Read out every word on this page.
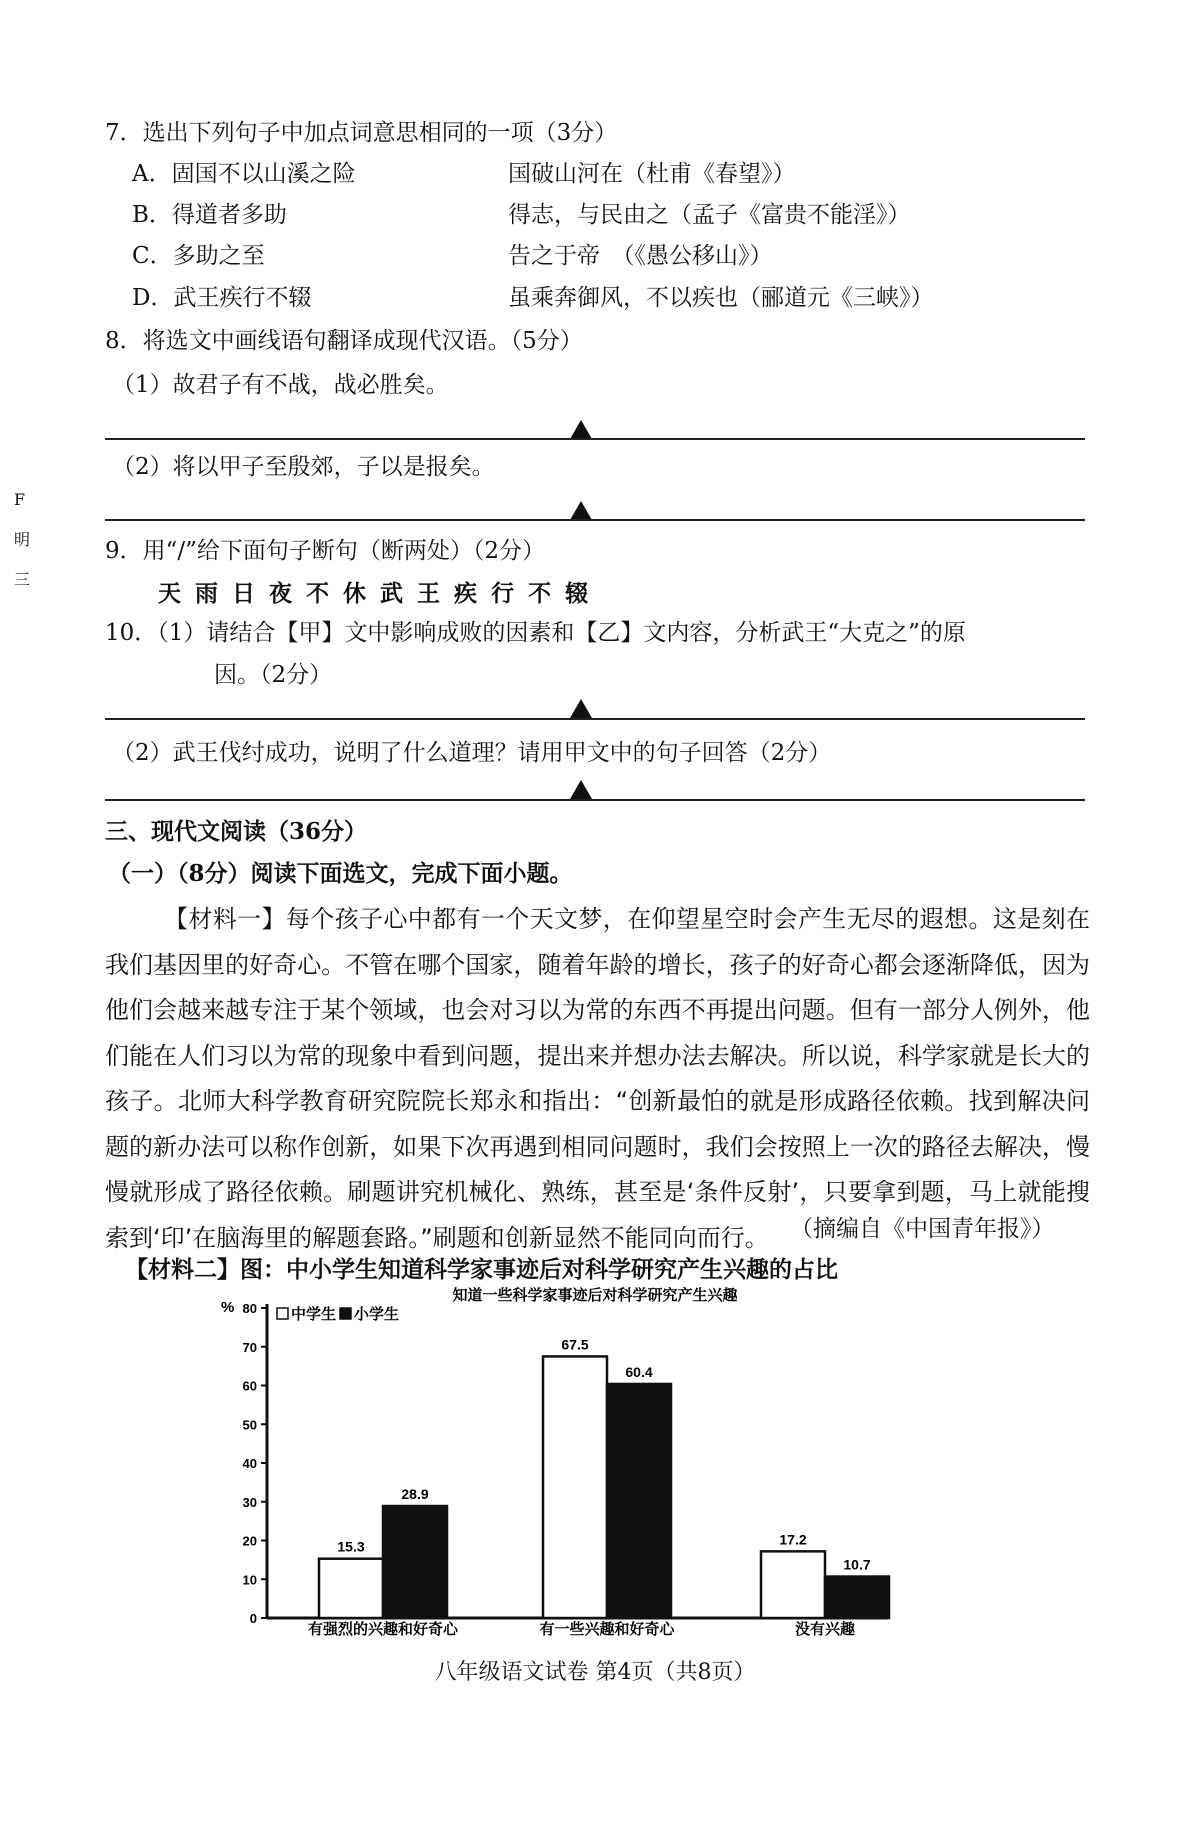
7．选出下列句子中加点词意思相同的一项（3分）
A．固国不以山溪之险	国破山河在（杜甫《春望》）
B．得道者多助	得志，与民由之（孟子《富贵不能淫》）
C．多助之至	告之于帝　（《愚公移山》）
D．武王疾行不辍	虽乘奔御风，不以疾也（郦道元《三峡》）
8．将选文中画线语句翻译成现代汉语。（5分）
（1）故君子有不战，战必胜矣。
（2）将以甲子至殷郊，子以是报矣。
9．用“/”给下面句子断句（断两处）（2分）
天 雨 日 夜 不 休 武 王 疾 行 不 辍
10．（1）请结合【甲】文中影响成败的因素和【乙】文内容，分析武王“大克之”的原
因。（2分）
（2）武王伐纣成功，说明了什么道理？请用甲文中的句子回答（2分）
三、现代文阅读（36分）
（一）（8分）阅读下面选文，完成下面小题。
【材料一】每个孩子心中都有一个天文梦，在仰望星空时会产生无尽的遐想。这是刻在我们基因里的好奇心。不管在哪个国家，随着年龄的增长，孩子的好奇心都会逐渐降低，因为他们会越来越专注于某个领域，也会对习以为常的东西不再提出问题。但有一部分人例外，他们能在人们习以为常的现象中看到问题，提出来并想办法去解决。所以说，科学家就是长大的孩子。北师大科学教育研究院院长郑永和指出：“创新最怕的就是形成路径依赖。找到解决问题的新办法可以称作创新，如果下次再遇到相同问题时，我们会按照上一次的路径去解决，慢慢就形成了路径依赖。刷题讲究机械化、熟练，甚至是‘条件反射’，只要拿到题，马上就能搜索到‘印’在脑海里的解题套路。”刷题和创新显然不能同向而行。 （摘编自《中国青年报》）
【材料二】图：中小学生知道科学家事迹后对科学研究产生兴趣的占比
F
明
三
0
10
20
30
40
50
60
70
80
%
知道一些科学家事迹后对科学研究产生兴趣
中学生 小学生
15.3
28.9
有强烈的兴趣和好奇心
67.5
60.4
有一些兴趣和好奇心
17.2
10.7
没有兴趣
八年级语文试卷 第4页（共8页）
